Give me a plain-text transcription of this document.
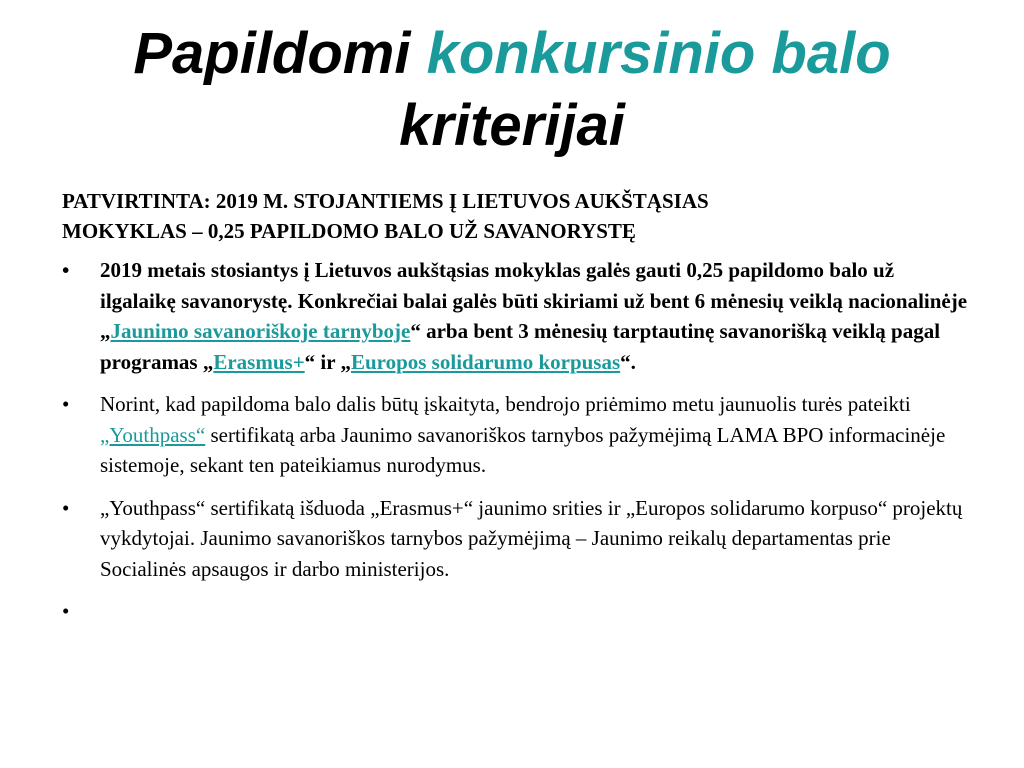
Papildomi konkursinio balo
kriterijai
PATVIRTINTA: 2019 M. STOJANTIEMS Į LIETUVOS AUKŠTĄSIAS
MOKYKLAS – 0,25 PAPILDOMO BALO UŽ SAVANORYSTĘ
• 2019 metais stosiantys į Lietuvos aukštąsias mokyklas galės gauti 0,25 papildomo balo už ilgalaikę savanorystę. Konkrečiai balai galės būti skiriami už bent 6 mėnesių veiklą nacionalinėje „Jaunimo savanoriškoje tarnyboje“ arba bent 3 mėnesių tarptautinę savanorišką veiklą pagal programas „Erasmus+“ ir „Europos solidarumo korpusas“.
• Norint, kad papildoma balo dalis būtų įskaityta, bendrojo priėmimo metu jaunuolis turės pateikti „Youthpass“ sertifikatą arba Jaunimo savanoriškos tarnybos pažymėjimą LAMA BPO informacinėje sistemoje, sekant ten pateikiamus nurodymus.
• „Youthpass“ sertifikatą išduoda „Erasmus+“ jaunimo srities ir „Europos solidarumo korpuso“ projektų vykdytojai. Jaunimo savanoriškos tarnybos pažymėjimą – Jaunimo reikalų departamentas prie Socialinės apsaugos ir darbo ministerijos.
•
